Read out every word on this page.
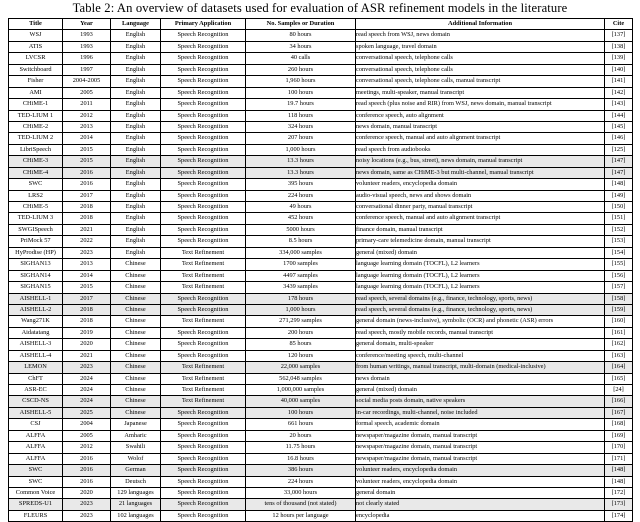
Table 2: An overview of datasets used for evaluation of ASR refinement models in the literature
Title	Year	Language	Primary Application	No. Samples or Duration	Additional Information	Cite
WSJ	1993	English	Speech Recognition	80 hours	read speech from WSJ, news domain	[137]
ATIS	1993	English	Speech Recognition	34 hours	spoken language, travel domain	[138]
LVCSR	1996	English	Speech Recognition	40 calls	conversational speech, telephone calls	[139]
Switchboard	1997	English	Speech Recognition	260 hours	conversational speech, telephone calls	[140]
Fisher	2004-2005	English	Speech Recognition	1,960 hours	conversational speech, telephone calls, manual transcript	[141]
AMI	2005	English	Speech Recognition	100 hours	meetings, multi-speaker, manual transcript	[142]
CHiME-1	2011	English	Speech Recognition	19.7 hours	read speech (plus noise and RIR) from WSJ, news domain, manual transcript	[143]
TED-LIUM 1	2012	English	Speech Recognition	118 hours	conference speech, auto alignment	[144]
CHiME-2	2013	English	Speech Recognition	324 hours	news domain, manual transcript	[145]
TED-LIUM 2	2014	English	Speech Recognition	207 hours	conference speech, manual and auto alignment transcript	[146]
LibriSpeech	2015	English	Speech Recognition	1,000 hours	read speech from audiobooks	[125]
CHiME-3	2015	English	Speech Recognition	13.3 hours	noisy locations (e.g., bus, street), news domain, manual transcript	[147]
CHiME-4	2016	English	Speech Recognition	13.3 hours	news domain, same as CHiME-3 but multi-channel, manual transcript	[147]
SWC	2016	English	Speech Recognition	395 hours	volunteer readers, encyclopedia domain	[148]
LRS2	2017	English	Speech Recognition	224 hours	audio-visual speech, news and shows domain	[149]
CHiME-5	2018	English	Speech Recognition	49 hours	conversational dinner party, manual transcript	[150]
TED-LIUM 3	2018	English	Speech Recognition	452 hours	conference speech, manual and auto alignment transcript	[151]
SWGISpeech	2021	English	Speech Recognition	5000 hours	finance domain, manual transcript	[152]
PriMock 57	2022	English	Speech Recognition	8.5 hours	primary-care telemedicine domain, manual transcript	[153]
HyProdise (HP)	2023	English	Text Refinement	334,000 samples	general (mixed) domain	[154]
SIGHAN13	2013	Chinese	Text Refinement	1700 samples	language learning domain (TOCFL), L2 learners	[155]
SIGHAN14	2014	Chinese	Text Refinement	4497 samples	language learning domain (TOCFL), L2 learners	[156]
SIGHAN15	2015	Chinese	Text Refinement	3439 samples	language learning domain (TOCFL), L2 learners	[157]
AISHELL-1	2017	Chinese	Speech Recognition	178 hours	read speech, several domains (e.g., finance, technology, sports, news)	[158]
AISHELL-2	2018	Chinese	Speech Recognition	1,000 hours	read speech, several domains (e.g., finance, technology, sports, news)	[159]
Wang271K	2018	Chinese	Text Refinement	271,299 samples	general domain (news-inclusive), symbolic (OCR) and phonetic (ASR) errors	[160]
Aidatatang	2019	Chinese	Speech Recognition	200 hours	read speech, mostly mobile records, manual transcript	[161]
AISHELL-3	2020	Chinese	Speech Recognition	85 hours	general domain, multi-speaker	[162]
AISHELL-4	2021	Chinese	Speech Recognition	120 hours	conference/meeting speech, multi-channel	[163]
LEMON	2023	Chinese	Text Refinement	22,000 samples	from human writings, manual transcript, multi-domain (medical-inclusive)	[164]
ChFT	2024	Chinese	Text Refinement	562,048 samples	news domain	[165]
ASR-EC	2024	Chinese	Text Refinement	1,000,000 samples	general (mixed) domain	[24]
CSCD-NS	2024	Chinese	Text Refinement	40,000 samples	social media posts domain, native speakers	[166]
AISHELL-5	2025	Chinese	Speech Recognition	100 hours	in-car recordings, multi-channel, noise included	[167]
CSJ	2004	Japanese	Speech Recognition	661 hours	formal speech, academic domain	[168]
ALFFA	2005	Amharic	Speech Recognition	20 hours	newspaper/magazine domain, manual transcript	[169]
ALFFA	2012	Swahili	Speech Recognition	11.75 hours	newspaper/magazine domain, manual transcript	[170]
ALFFA	2016	Wolof	Speech Recognition	16.8 hours	newspaper/magazine domain, manual transcript	[171]
SWC	2016	German	Speech Recognition	386 hours	volunteer readers, encyclopedia domain	[148]
SWC	2016	Deutsch	Speech Recognition	224 hours	volunteer readers, encyclopedia domain	[148]
Common Voice	2020	129 languages	Speech Recognition	33,000 hours	general domain	[172]
SPREDS-U1	2023	21 languages	Speech Recognition	tens of thousand (not stated)	not clearly stated	[173]
FLEURS	2023	102 languages	Speech Recognition	12 hours per language	encyclopedia	[174]
